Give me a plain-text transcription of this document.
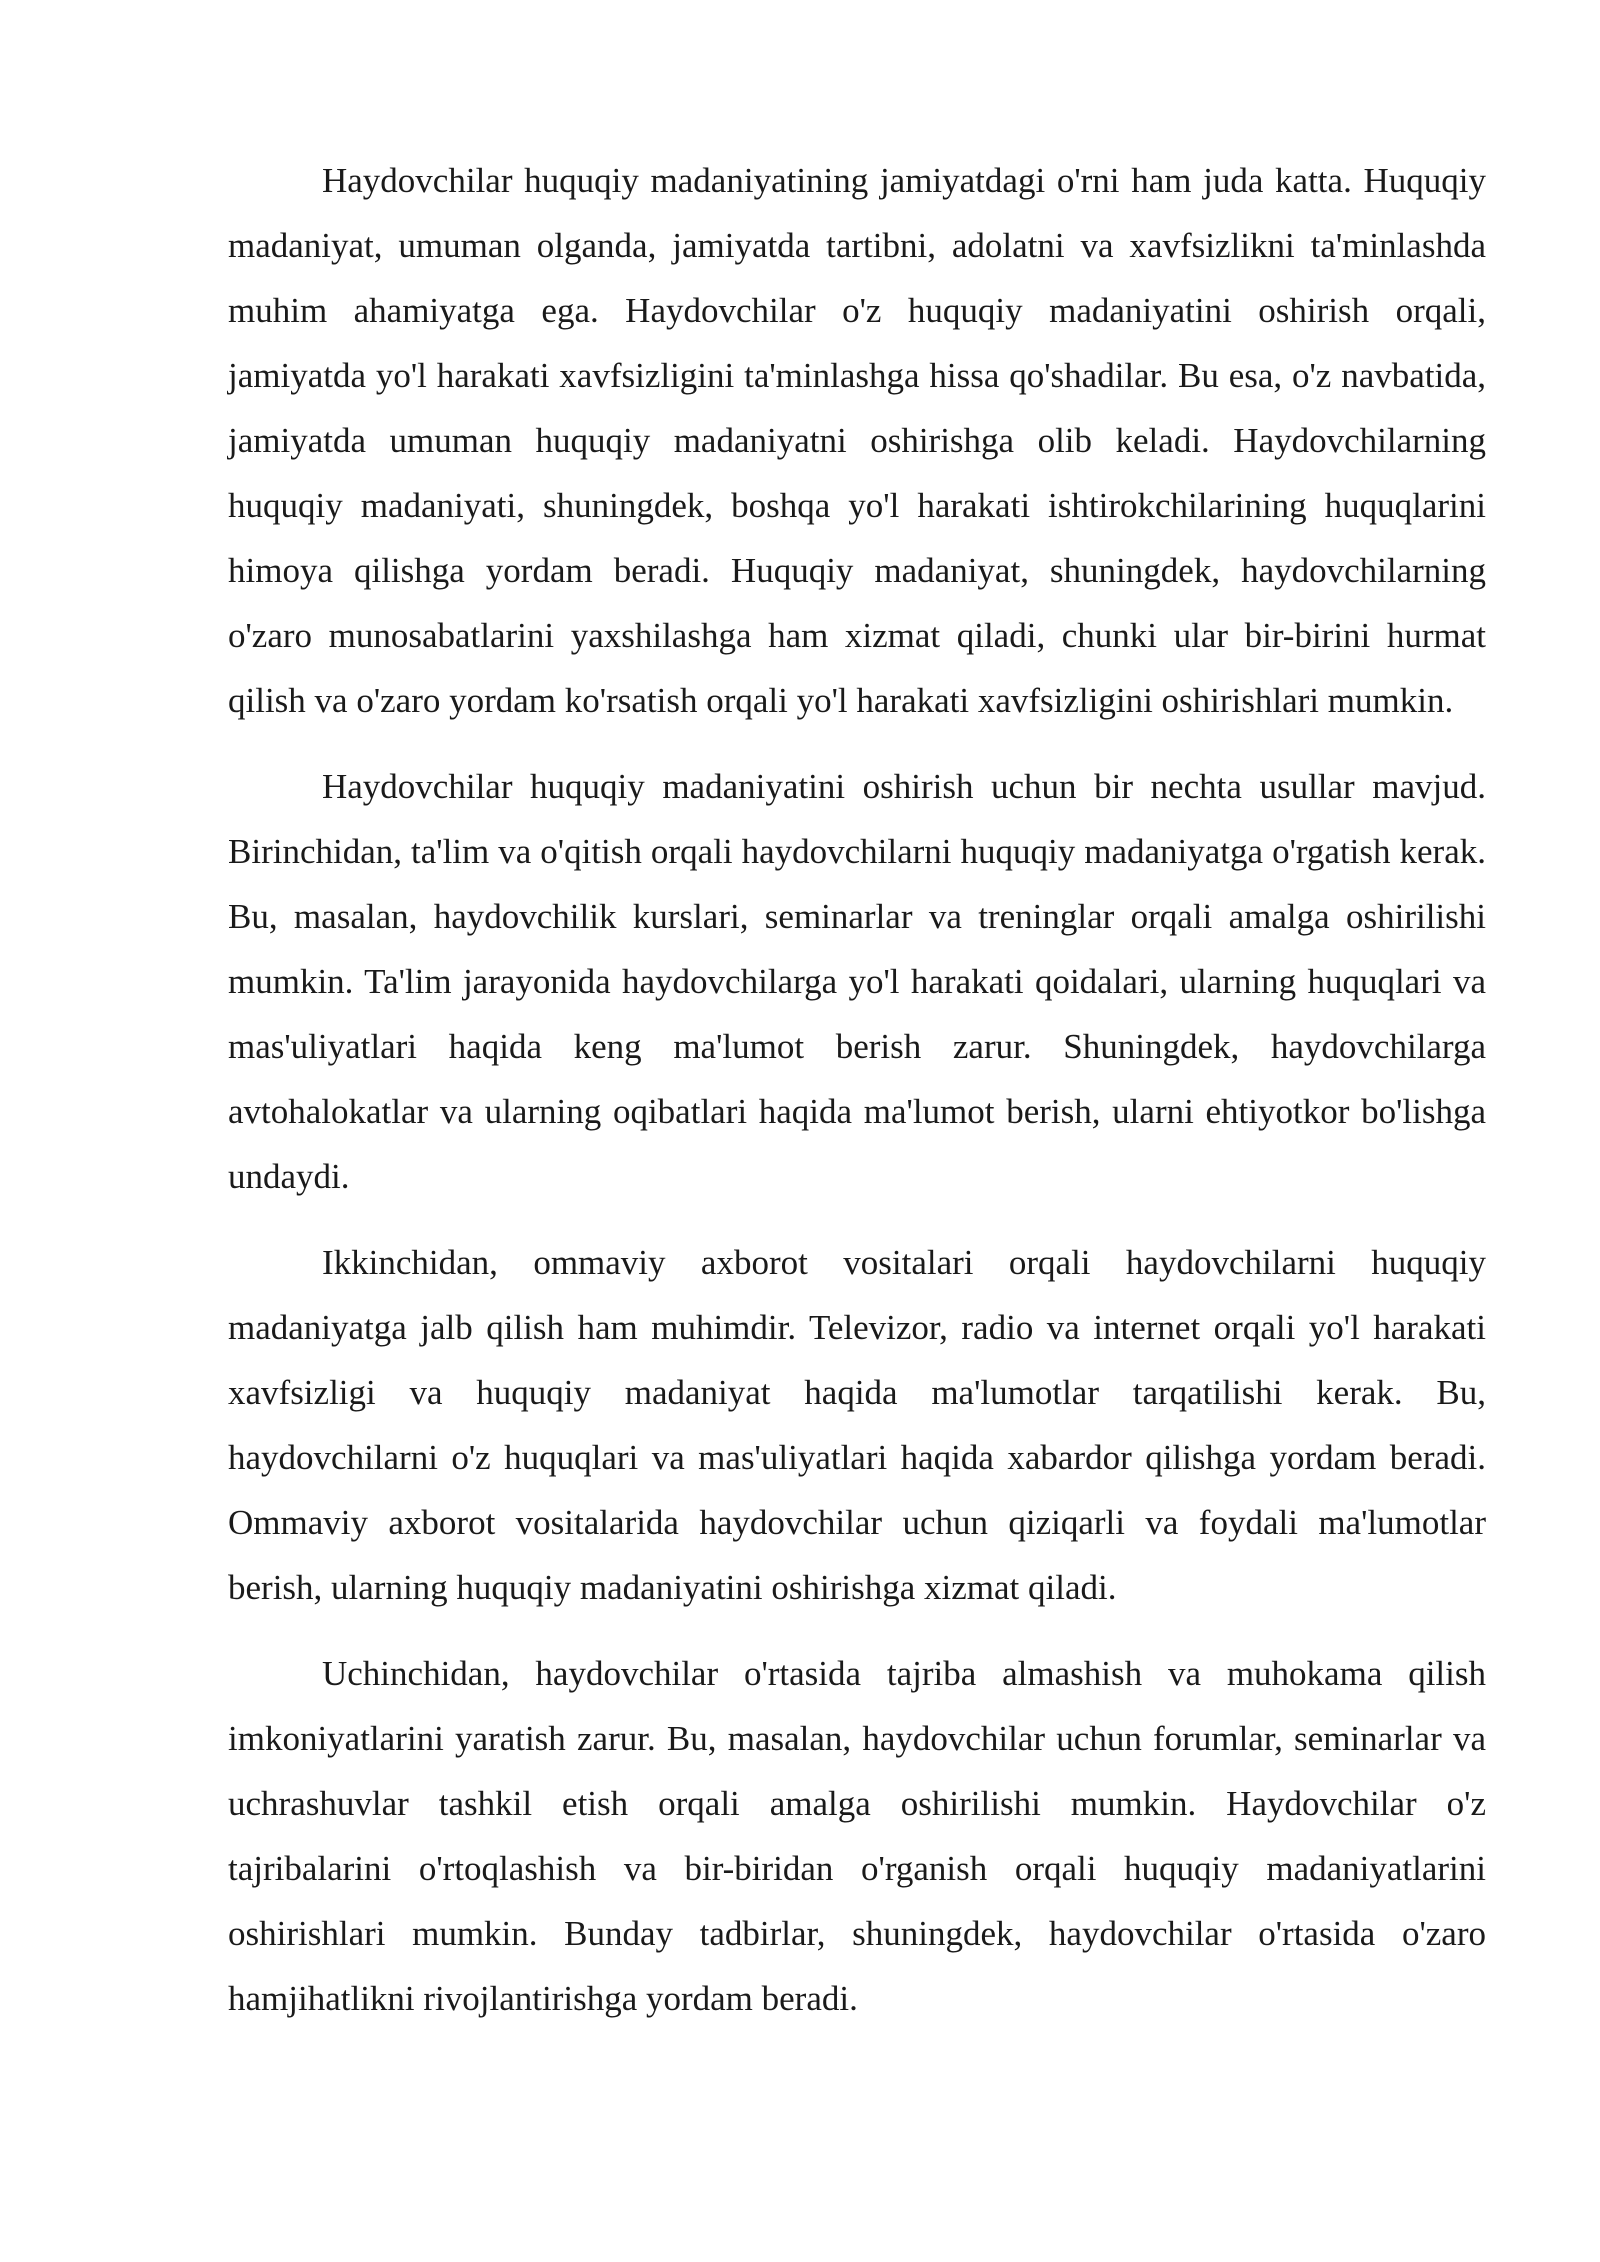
Haydovchilar huquqiy madaniyatining jamiyatdagi o'rni ham juda katta. Huquqiy madaniyat, umuman olganda, jamiyatda tartibni, adolatni va xavfsizlikni ta'minlashda muhim ahamiyatga ega. Haydovchilar o'z huquqiy madaniyatini oshirish orqali, jamiyatda yo'l harakati xavfsizligini ta'minlashga hissa qo'shadilar. Bu esa, o'z navbatida, jamiyatda umuman huquqiy madaniyatni oshirishga olib keladi. Haydovchilarning huquqiy madaniyati, shuningdek, boshqa yo'l harakati ishtirokchilarining huquqlarini himoya qilishga yordam beradi. Huquqiy madaniyat, shuningdek, haydovchilarning o'zaro munosabatlarini yaxshilashga ham xizmat qiladi, chunki ular bir-birini hurmat qilish va o'zaro yordam ko'rsatish orqali yo'l harakati xavfsizligini oshirishlari mumkin.

Haydovchilar huquqiy madaniyatini oshirish uchun bir nechta usullar mavjud. Birinchidan, ta'lim va o'qitish orqali haydovchilarni huquqiy madaniyatga o'rgatish kerak. Bu, masalan, haydovchilik kurslari, seminarlar va treninglar orqali amalga oshirilishi mumkin. Ta'lim jarayonida haydovchilarga yo'l harakati qoidalari, ularning huquqlari va mas'uliyatlari haqida keng ma'lumot berish zarur. Shuningdek, haydovchilarga avtohalokatlar va ularning oqibatlari haqida ma'lumot berish, ularni ehtiyotkor bo'lishga undaydi.

Ikkinchidan, ommaviy axborot vositalari orqali haydovchilarni huquqiy madaniyatga jalb qilish ham muhimdir. Televizor, radio va internet orqali yo'l harakati xavfsizligi va huquqiy madaniyat haqida ma'lumotlar tarqatilishi kerak. Bu, haydovchilarni o'z huquqlari va mas'uliyatlari haqida xabardor qilishga yordam beradi. Ommaviy axborot vositalarida haydovchilar uchun qiziqarli va foydali ma'lumotlar berish, ularning huquqiy madaniyatini oshirishga xizmat qiladi.

Uchinchidan, haydovchilar o'rtasida tajriba almashish va muhokama qilish imkoniyatlarini yaratish zarur. Bu, masalan, haydovchilar uchun forumlar, seminarlar va uchrashuvlar tashkil etish orqali amalga oshirilishi mumkin. Haydovchilar o'z tajribalarini o'rtoqlashish va bir-biridan o'rganish orqali huquqiy madaniyatlarini oshirishlari mumkin. Bunday tadbirlar, shuningdek, haydovchilar o'rtasida o'zaro hamjihatlikni rivojlantirishga yordam beradi.
